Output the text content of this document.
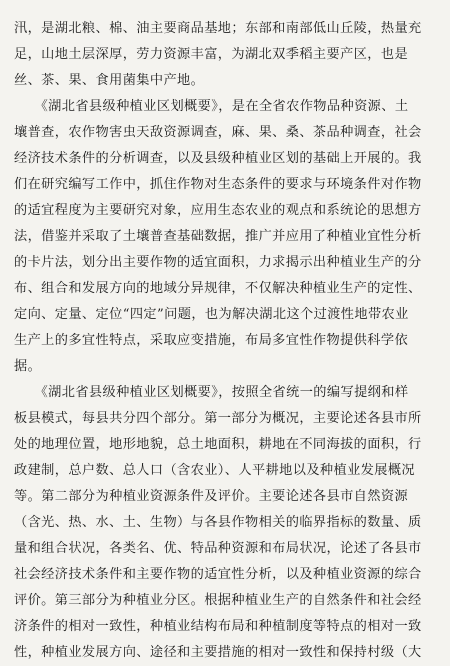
汛，是湖北粮、棉、油主要商品基地；东部和南部低山丘陵，热量充
足，山地土层深厚，劳力资源丰富，为湖北双季稻主要产区，也是
丝、茶、果、食用菌集中产地。

　　《湖北省县级种植业区划概要》，是在全省农作物品种资源、土
壤普查，农作物害虫天敌资源调查，麻、果、桑、茶品种调查，社会
经济技术条件的分析调查，以及县级种植业区划的基础上开展的。我
们在研究编写工作中，抓住作物对生态条件的要求与环境条件对作物
的适宜程度为主要研究对象，应用生态农业的观点和系统论的思想方
法，借鉴并采取了土壤普查基础数据，推广并应用了种植业宜性分析
的卡片法，划分出主要作物的适宜面积，力求揭示出种植业生产的分
布、组合和发展方向的地域分异规律，不仅解决种植业生产的定性、
定向、定量、定位“四定”问题，也为解决湖北这个过渡性地带农业
生产上的多宜性特点，采取应变措施，布局多宜性作物提供科学依
据。

　　《湖北省县级种植业区划概要》，按照全省统一的编写提纲和样
板县模式，每县共分四个部分。第一部分为概况，主要论述各县市所
处的地理位置，地形地貌，总土地面积，耕地在不同海拔的面积，行
政建制，总户数、总人口（含农业）、人平耕地以及种植业发展概况
等。第二部分为种植业资源条件及评价。主要论述各县市自然资源
（含光、热、水、土、生物）与各县作物相关的临界指标的数量、质
量和组合状况，各类名、优、特品种资源和布局状况，论述了各县市
社会经济技术条件和主要作物的适宜性分析，以及种植业资源的综合
评价。第三部分为种植业分区。根据种植业生产的自然条件和社会经
济条件的相对一致性，种植业结构布局和种植制度等特点的相对一致
性，种植业发展方向、途径和主要措施的相对一致性和保持村级（大
